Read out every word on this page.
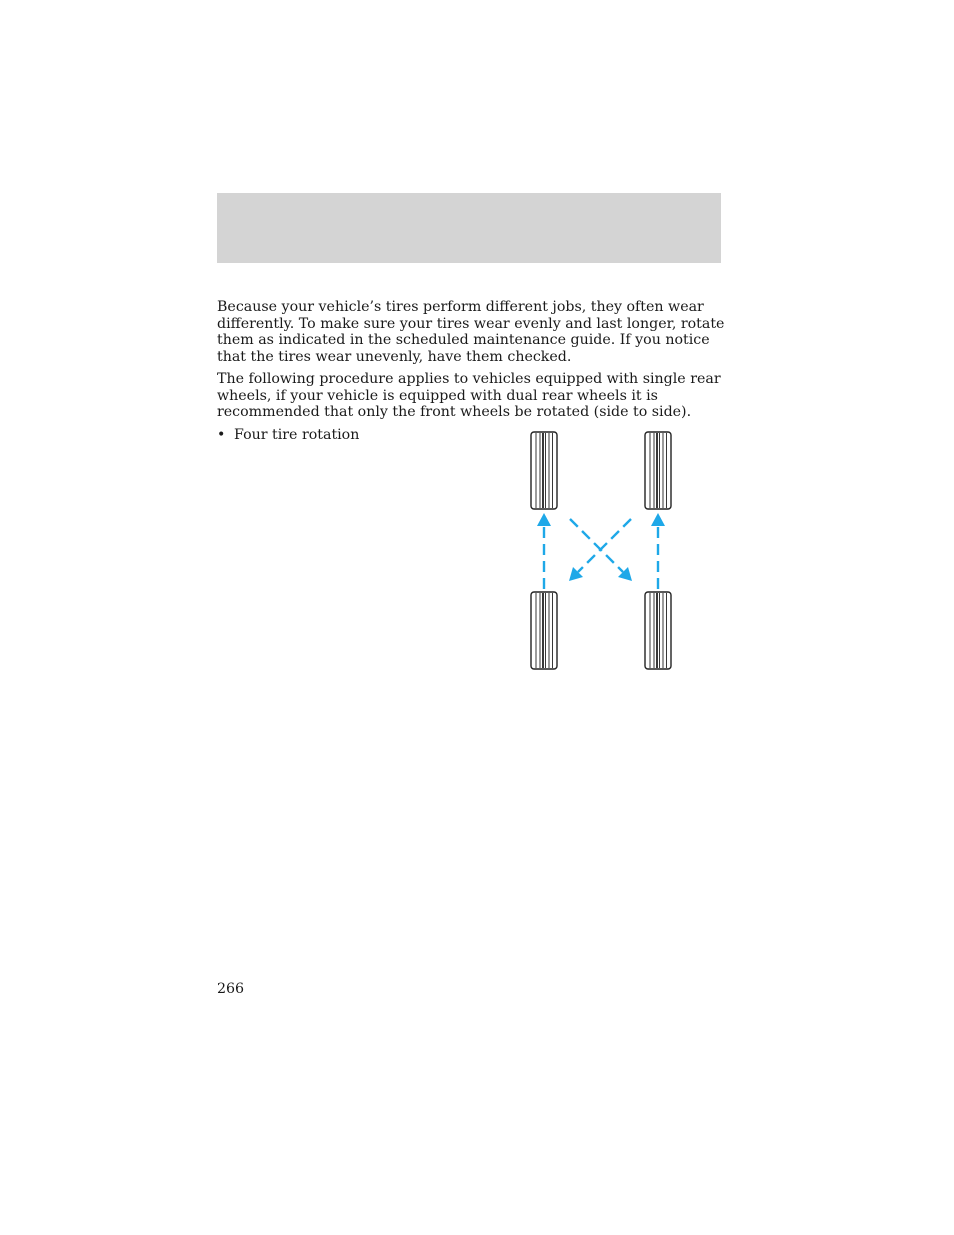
Because your vehicle’s tires perform different jobs, they often wear differently. To make sure your tires wear evenly and last longer, rotate them as indicated in the scheduled maintenance guide. If you notice that the tires wear unevenly, have them checked.

The following procedure applies to vehicles equipped with single rear wheels, if your vehicle is equipped with dual rear wheels it is recommended that only the front wheels be rotated (side to side).

• Four tire rotation
266
